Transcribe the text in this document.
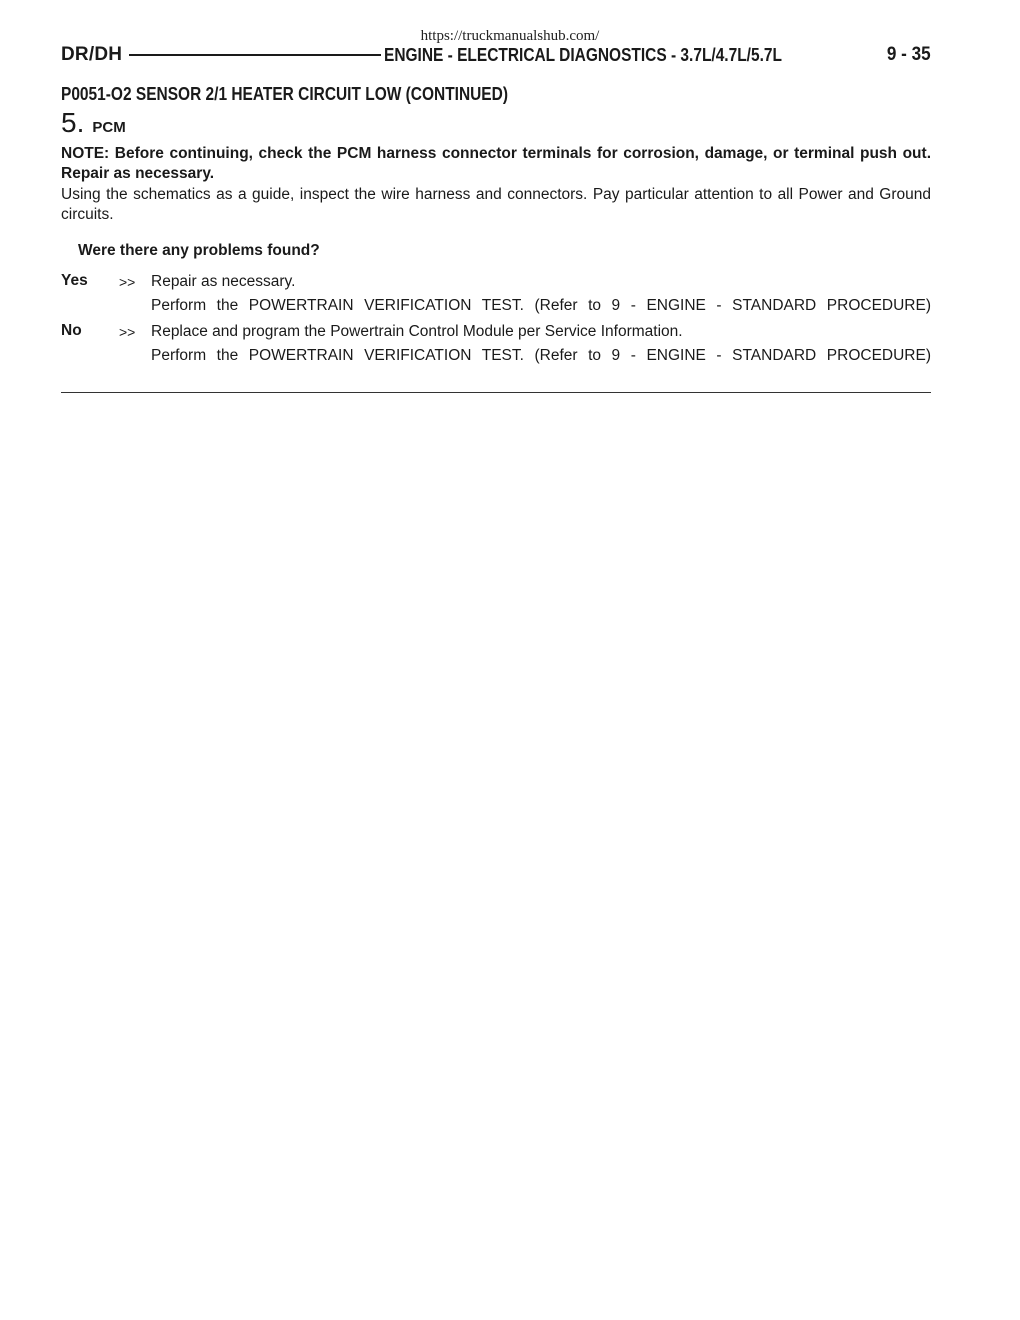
https://truckmanualshub.com/
DR/DH	ENGINE - ELECTRICAL DIAGNOSTICS - 3.7L/4.7L/5.7L	9 - 35
P0051-O2 SENSOR 2/1 HEATER CIRCUIT LOW (CONTINUED)
5. PCM
NOTE: Before continuing, check the PCM harness connector terminals for corrosion, damage, or terminal push out. Repair as necessary.
Using the schematics as a guide, inspect the wire harness and connectors. Pay particular attention to all Power and Ground circuits.
Were there any problems found?
Yes >> Repair as necessary.
Perform the POWERTRAIN VERIFICATION TEST. (Refer to 9 - ENGINE - STANDARD PROCEDURE)
No	>> Replace and program the Powertrain Control Module per Service Information.
Perform the POWERTRAIN VERIFICATION TEST. (Refer to 9 - ENGINE - STANDARD PROCEDURE)
